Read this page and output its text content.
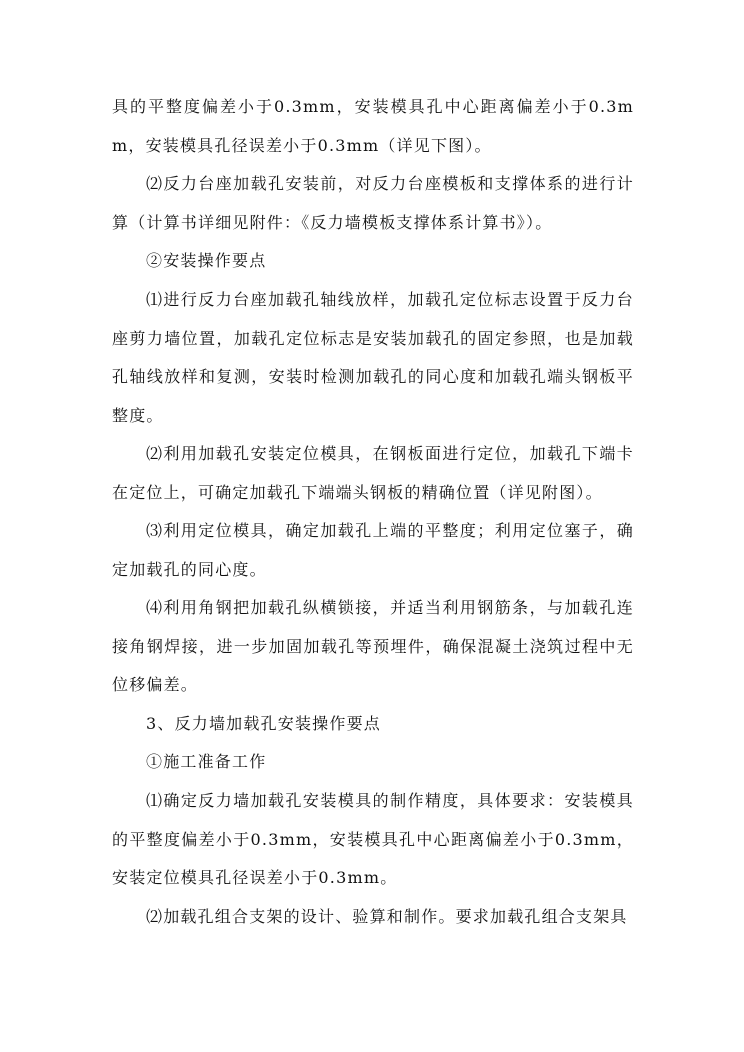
具的平整度偏差小于0.3mm，安装模具孔中心距离偏差小于0.3mm，安装模具孔径误差小于0.3mm（详见下图）。

⑵反力台座加载孔安装前，对反力台座模板和支撑体系的进行计算（计算书详细见附件：《反力墙模板支撑体系计算书》）。

②安装操作要点

⑴进行反力台座加载孔轴线放样，加载孔定位标志设置于反力台座剪力墙位置，加载孔定位标志是安装加载孔的固定参照，也是加载孔轴线放样和复测，安装时检测加载孔的同心度和加载孔端头钢板平整度。

⑵利用加载孔安装定位模具，在钢板面进行定位，加载孔下端卡在定位上，可确定加载孔下端端头钢板的精确位置（详见附图）。

⑶利用定位模具，确定加载孔上端的平整度；利用定位塞子，确定加载孔的同心度。

⑷利用角钢把加载孔纵横锁接，并适当利用钢筋条，与加载孔连接角钢焊接，进一步加固加载孔等预埋件，确保混凝土浇筑过程中无位移偏差。

3、反力墙加载孔安装操作要点

①施工准备工作

⑴确定反力墙加载孔安装模具的制作精度，具体要求：安装模具的平整度偏差小于0.3mm，安装模具孔中心距离偏差小于0.3mm，安装定位模具孔径误差小于0.3mm。

⑵加载孔组合支架的设计、验算和制作。要求加载孔组合支架具
